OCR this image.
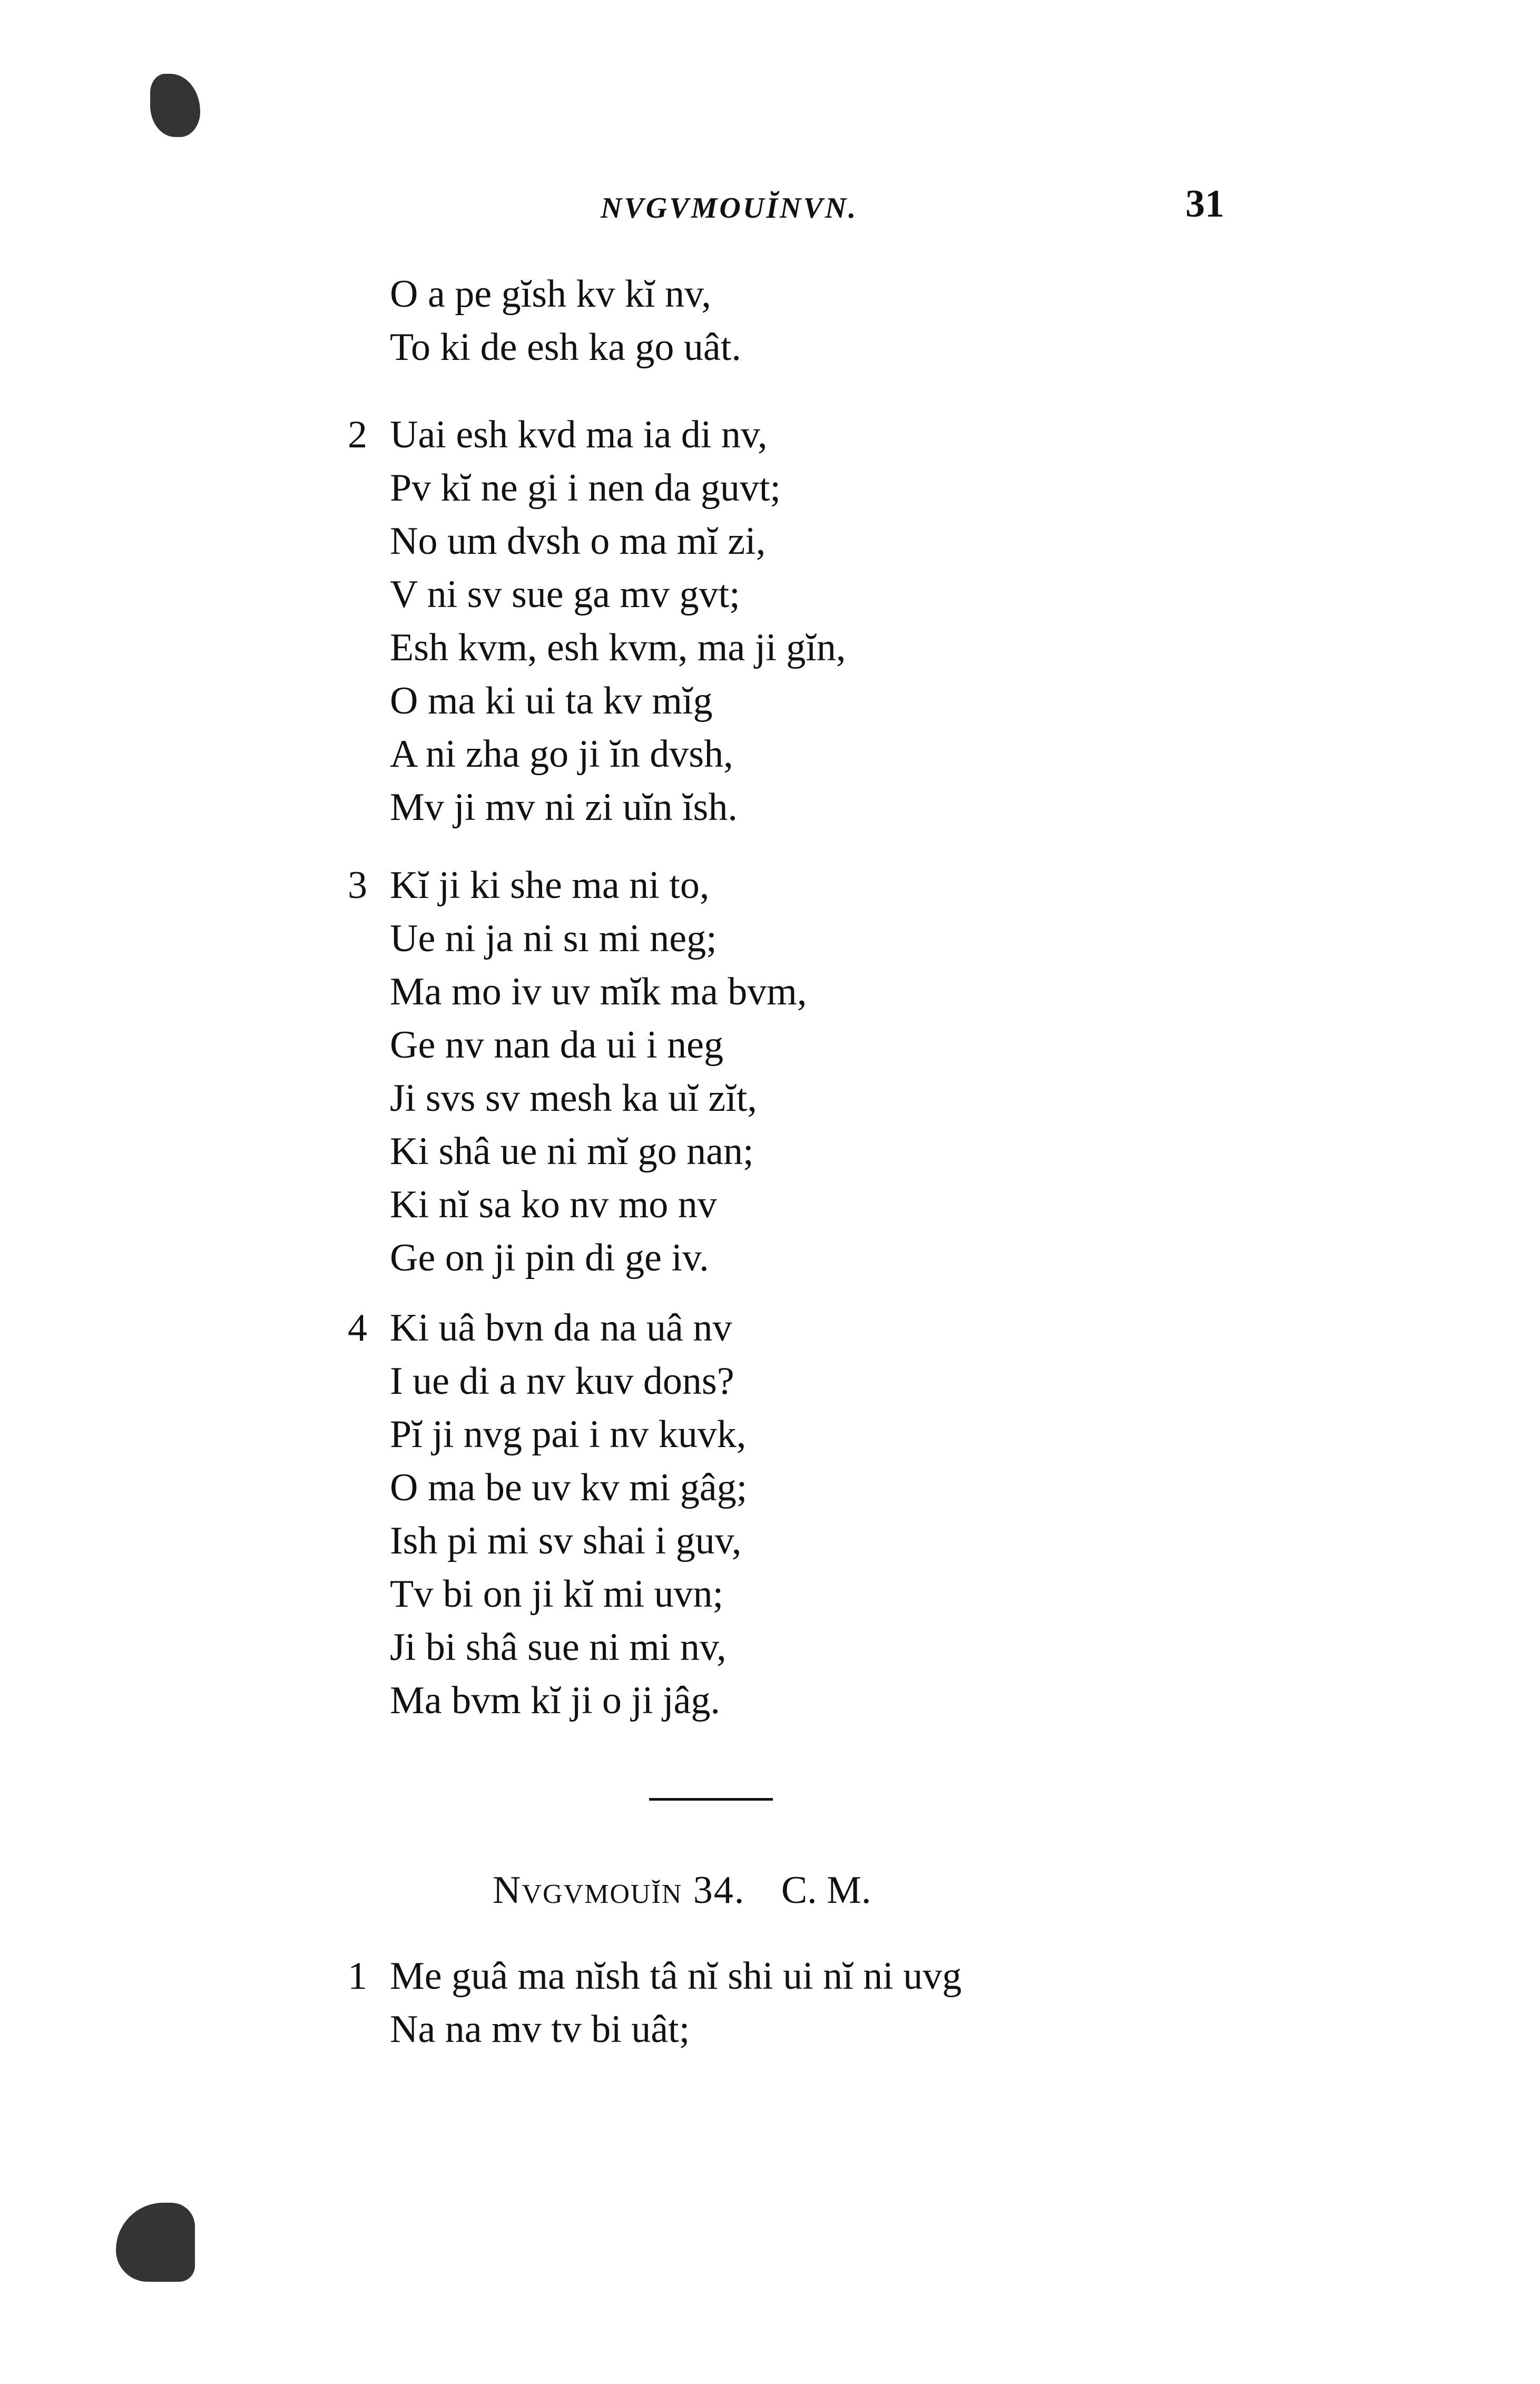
NVGVMOUĬNVN.	31
O a pe gĭsh kv kĭ nv,
To ki de esh ka go uât.
2 Uai esh kvd ma ia di nv,
Pv kĭ ne gi i nen da guvt;
No um dvsh o ma mĭ zi,
V ni sv sue ga mv gvt;
Esh kvm, esh kvm, ma ji gĭn,
O ma ki ui ta kv mĭg
A ni zha go ji ĭn dvsh,
Mv ji mv ni zi uĭn ĭsh.
3 Kĭ ji ki she ma ni to,
Ue ni ja ni sı mi neg;
Ma mo iv uv mĭk ma bvm,
Ge nv nan da ui i neg
Ji svs sv mesh ka uĭ zĭt,
Ki shâ ue ni mĭ go nan;
Ki nĭ sa ko nv mo nv
Ge on ji pin di ge iv.
4 Ki uâ bvn da na uâ nv
I ue di a nv kuv dons?
Pĭ ji nvg pai i nv kuvk,
O ma be uv kv mi gâg;
Ish pi mi sv shai i guv,
Tv bi on ji kĭ mi uvn;
Ji bi shâ sue ni mi nv,
Ma bvm kĭ ji o ji jâg.
Nvgvmouĭn 34. C. M.
1 Me guâ ma nĭsh tâ nĭ shi ui nĭ ni uvg
Na na mv tv bi uât;
